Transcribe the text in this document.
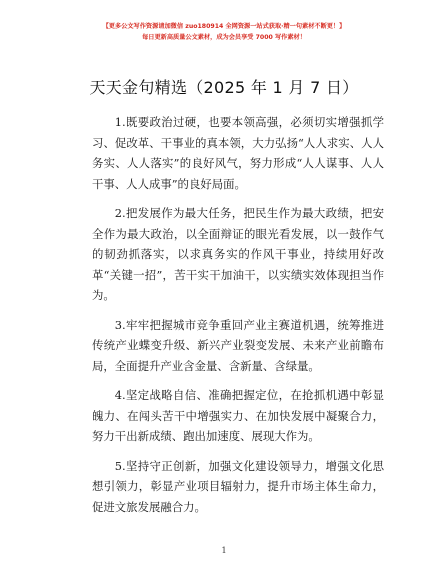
【更多公文写作资源请加微信 zuo180914 全网资源一站式获取·精一句素材不断更！】
每日更新高质量公文素材，成为会员享受 7000 写作素材！
天天金句精选（2025 年 1 月 7 日）

1.既要政治过硬，也要本领高强，必须切实增强抓学习、促改革、干事业的真本领，大力弘扬“人人求实、人人务实、人人落实”的良好风气，努力形成“人人谋事、人人干事、人人成事”的良好局面。

2.把发展作为最大任务，把民生作为最大政绩，把安全作为最大政治，以全面辩证的眼光看发展，以一鼓作气的韧劲抓落实，以求真务实的作风干事业，持续用好改革“关键一招”，苦干实干加油干，以实绩实效体现担当作为。

3.牢牢把握城市竞争重回产业主赛道机遇，统筹推进传统产业蝶变升级、新兴产业裂变发展、未来产业前瞻布局，全面提升产业含金量、含新量、含绿量。

4.坚定战略自信、准确把握定位，在抢抓机遇中彰显魄力、在闯头苦干中增强实力、在加快发展中凝聚合力，努力干出新成绩、跑出加速度、展现大作为。

5.坚持守正创新，加强文化建设领导力，增强文化思想引领力，彰显产业项目辐射力，提升市场主体生命力，促进文旅发展融合力。

1
